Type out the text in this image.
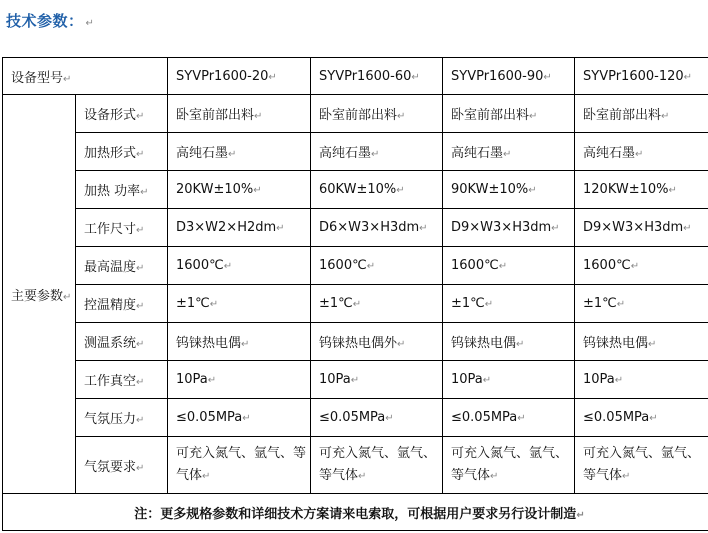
技术参数： ↵
设备型号↵		SYVPr1600-20↵	SYVPr1600-60↵	SYVPr1600-90↵	SYVPr1600-120↵
主要参数↵	设备形式↵	卧室前部出料↵	卧室前部出料↵	卧室前部出料↵	卧室前部出料↵
	加热形式↵	高纯石墨↵	高纯石墨↵	高纯石墨↵	高纯石墨↵
	加热 功率↵	20KW±10%↵	60KW±10%↵	90KW±10%↵	120KW±10%↵
	工作尺寸↵	D3×W2×H2dm↵	D6×W3×H3dm↵	D9×W3×H3dm↵	D9×W3×H3dm↵
	最高温度↵	1600℃↵	1600℃↵	1600℃↵	1600℃↵
	控温精度↵	±1℃↵	±1℃↵	±1℃↵	±1℃↵
	测温系统↵	钨铼热电偶↵	钨铼热电偶外↵	钨铼热电偶↵	钨铼热电偶↵
	工作真空↵	10Pa↵	10Pa↵	10Pa↵	10Pa↵
	气氛压力↵	≤0.05MPa↵	≤0.05MPa↵	≤0.05MPa↵	≤0.05MPa↵
	气氛要求↵	可充入氮气、氩气、等气体↵	可充入氮气、氩气、等气体↵	可充入氮气、氩气、等气体↵	可充入氮气、氩气、等气体↵
注：更多规格参数和详细技术方案请来电索取，可根据用户要求另行设计制造↵					
